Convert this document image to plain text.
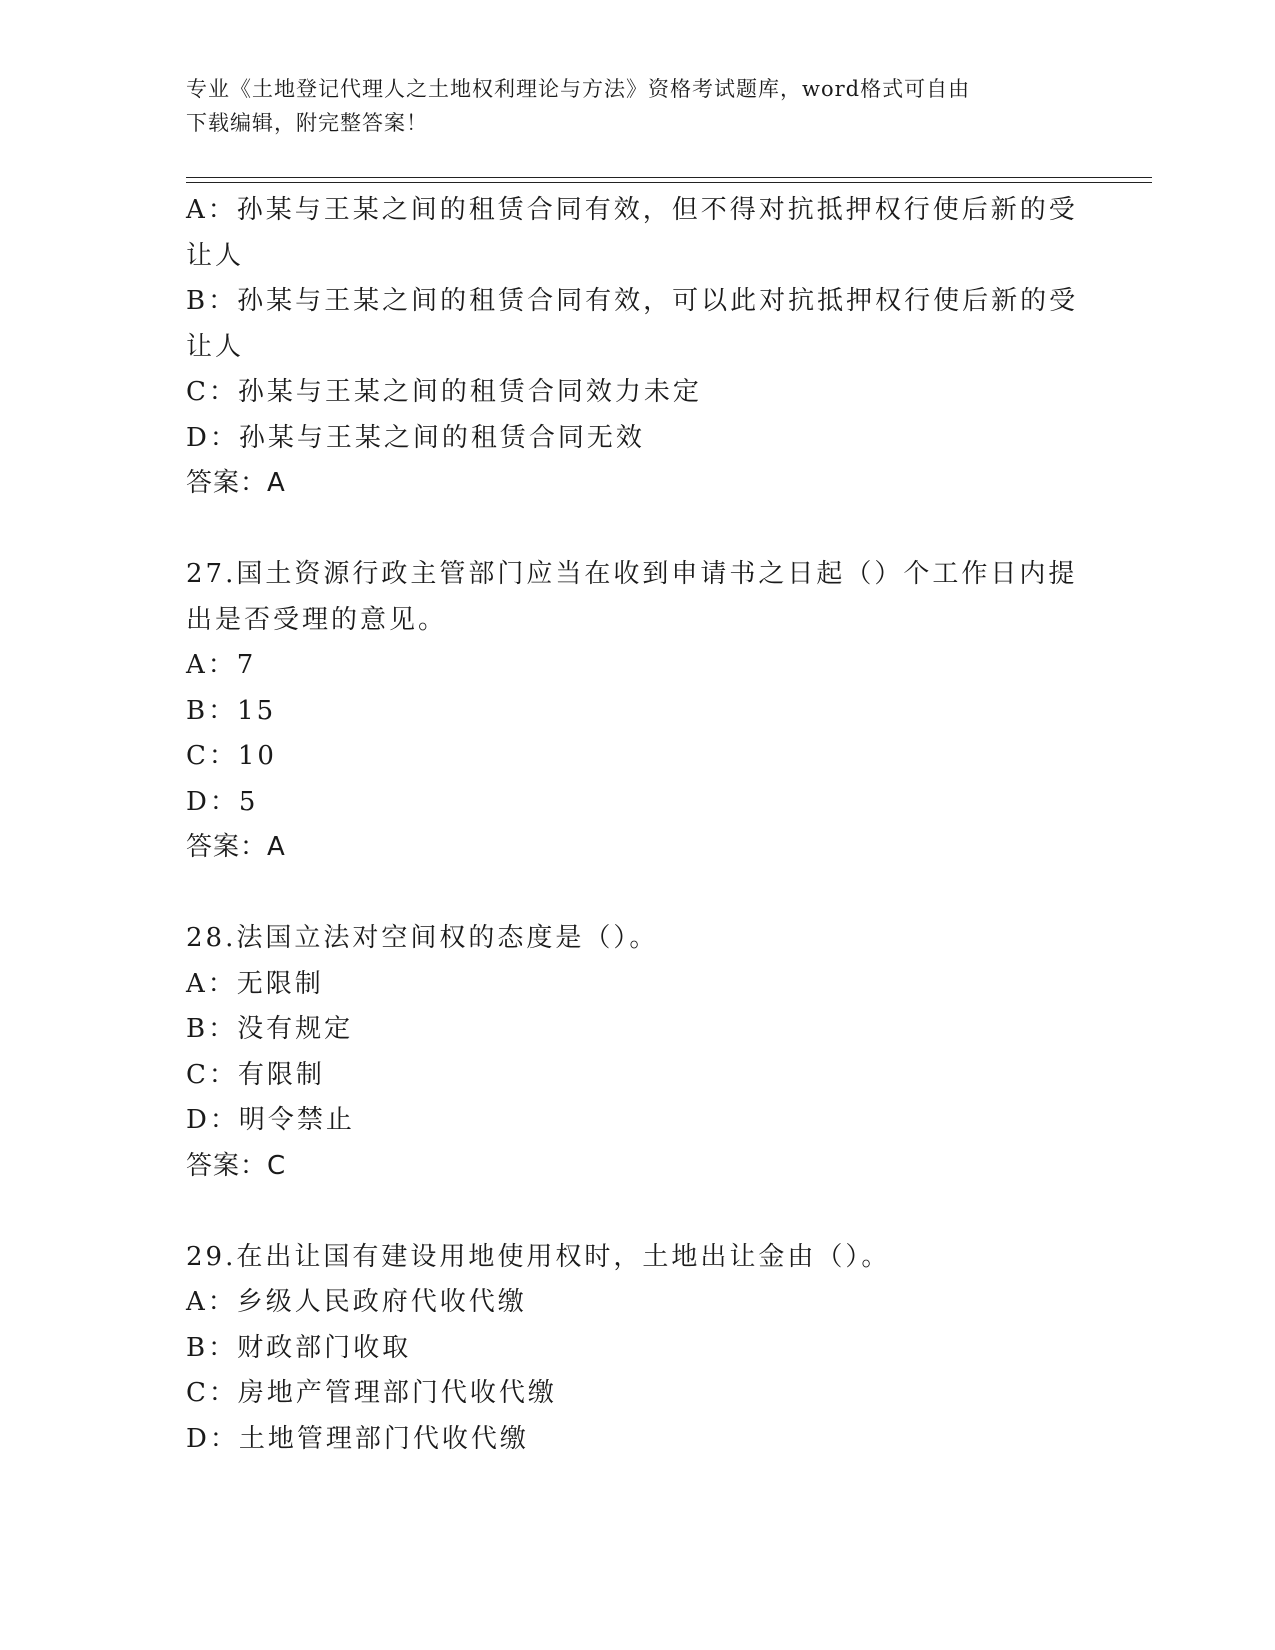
专业《土地登记代理人之土地权利理论与方法》资格考试题库，word格式可自由
下载编辑，附完整答案！
A：孙某与王某之间的租赁合同有效，但不得对抗抵押权行使后新的受
让人
B：孙某与王某之间的租赁合同有效，可以此对抗抵押权行使后新的受
让人
C：孙某与王某之间的租赁合同效力未定
D：孙某与王某之间的租赁合同无效
答案：A
27.国土资源行政主管部门应当在收到申请书之日起（）个工作日内提
出是否受理的意见。
A：7
B：15
C：10
D：5
答案：A
28.法国立法对空间权的态度是（）。
A：无限制
B：没有规定
C：有限制
D：明令禁止
答案：C
29.在出让国有建设用地使用权时，土地出让金由（）。
A：乡级人民政府代收代缴
B：财政部门收取
C：房地产管理部门代收代缴
D：土地管理部门代收代缴
